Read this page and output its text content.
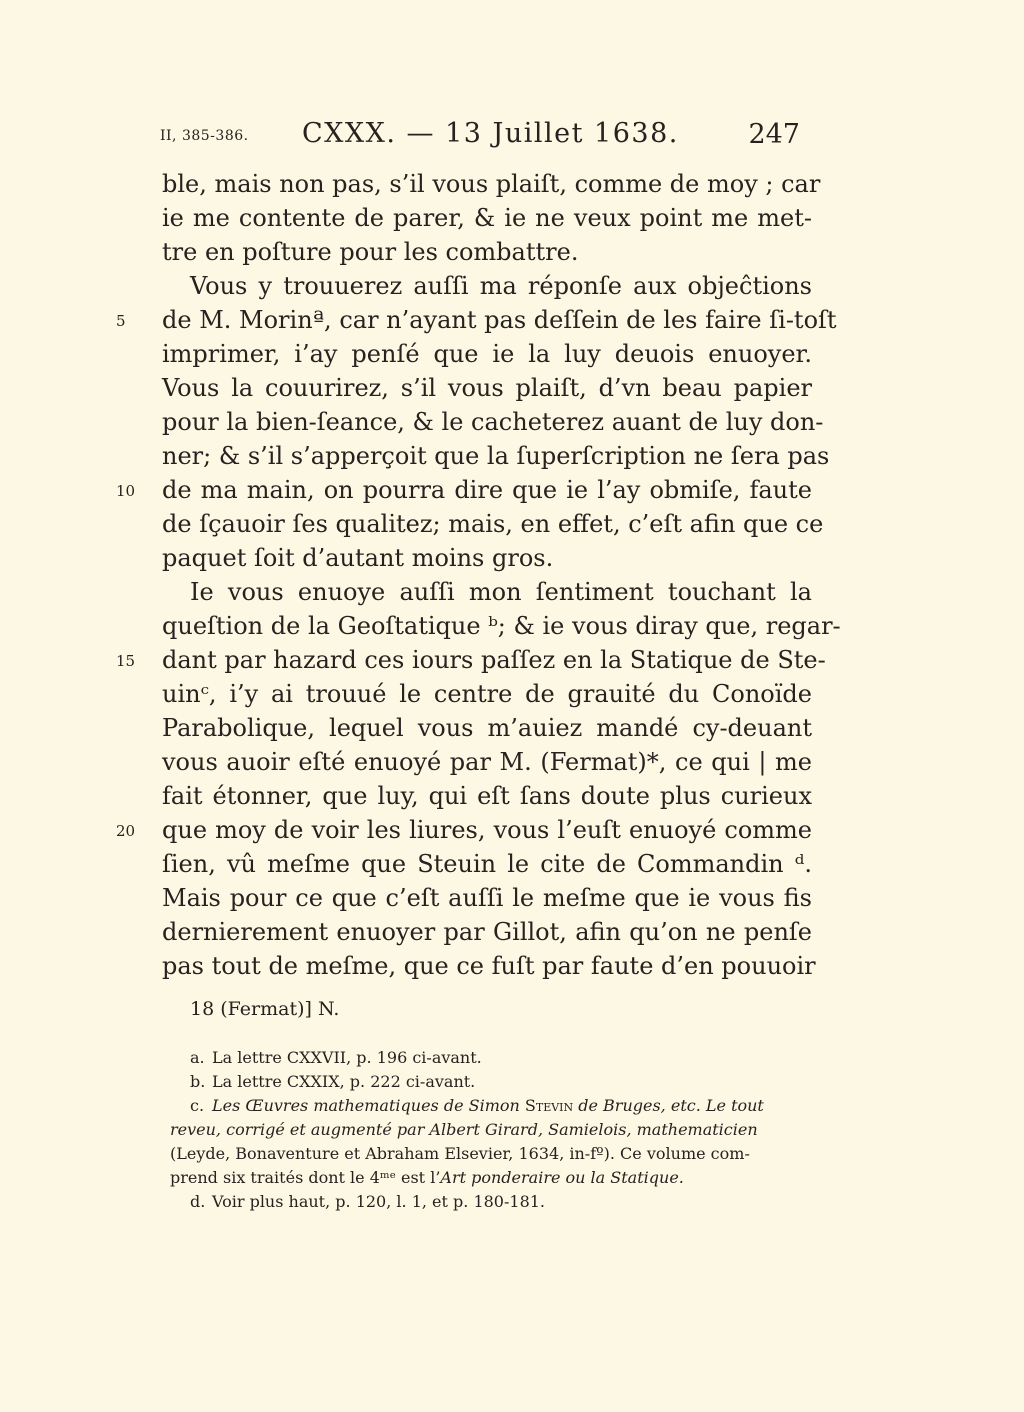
II, 385-386. CXXX. — 13 Juillet 1638.	247
ble, mais non pas, s’il vous plaiſt, comme de moy ; car
ie me contente de parer, & ie ne veux point me met-
tre en poſture pour les combattre.
Vous y trouuerez auſſi ma réponſe aux objeĉtions
5	de M. Morinª, car n’ayant pas deſſein de les faire ſi-toſt
imprimer, i’ay penſé que ie la luy deuois enuoyer.
Vous la couurirez, s’il vous plaiſt, d’vn beau papier
pour la bien-ſeance, & le cacheterez auant de luy don-
ner; & s’il s’apperçoit que la ſuperſcription ne ſera pas
10 de ma main, on pourra dire que ie l’ay obmiſe, faute
de ſçauoir ſes qualitez; mais, en effet, c’eſt afin que ce
paquet ſoit d’autant moins gros.
Ie vous enuoye auſſi mon ſentiment touchant la
queſtion de la Geoſtatique ᵇ; & ie vous diray que, regar-
15 dant par hazard ces iours paſſez en la Statique de Ste-
uinᶜ, i’y ai trouué le centre de grauité du Conoïde
Parabolique, lequel vous m’auiez mandé cy-deuant
vous auoir eſté enuoyé par M. (Fermat)*, ce qui | me
fait étonner, que luy, qui eſt ſans doute plus curieux
20 que moy de voir les liures, vous l’euſt enuoyé comme
ſien, vû meſme que Steuin le cite de Commandin ᵈ.
Mais pour ce que c’eſt auſſi le meſme que ie vous fis
dernierement enuoyer par Gillot, afin qu’on ne penſe
pas tout de meſme, que ce fuſt par faute d’en pouuoir
18 (Fermat)] N.
a. La lettre CXXVII, p. 196 ci-avant.
b. La lettre CXXIX, p. 222 ci-avant.
c. Les Œuvres mathematiques de Simon Stevin de Bruges, etc. Le tout
reveu, corrigé et augmenté par Albert Girard, Samielois, mathematicien
(Leyde, Bonaventure et Abraham Elsevier, 1634, in-fº). Ce volume com-
prend six traités dont le 4ᵐᵉ est l’Art ponderaire ou la Statique.
d. Voir plus haut, p. 120, l. 1, et p. 180-181.
